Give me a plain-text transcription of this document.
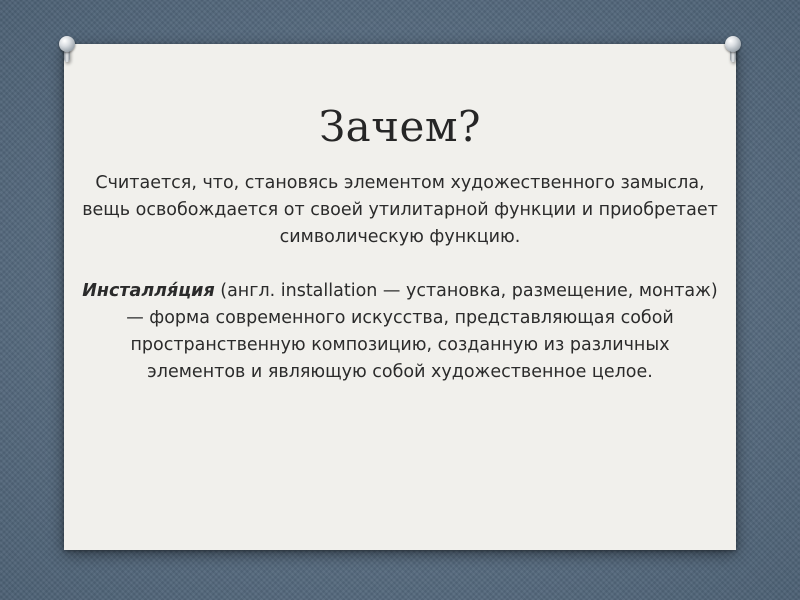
Зачем?

Считается, что, становясь элементом художественного замысла, вещь освобождается от своей утилитарной функции и приобретает символическую функцию.

Инсталля́ция (англ. installation — установка, размещение, монтаж) — форма современного искусства, представляющая собой пространственную композицию, созданную из различных элементов и являющую собой художественное целое.
